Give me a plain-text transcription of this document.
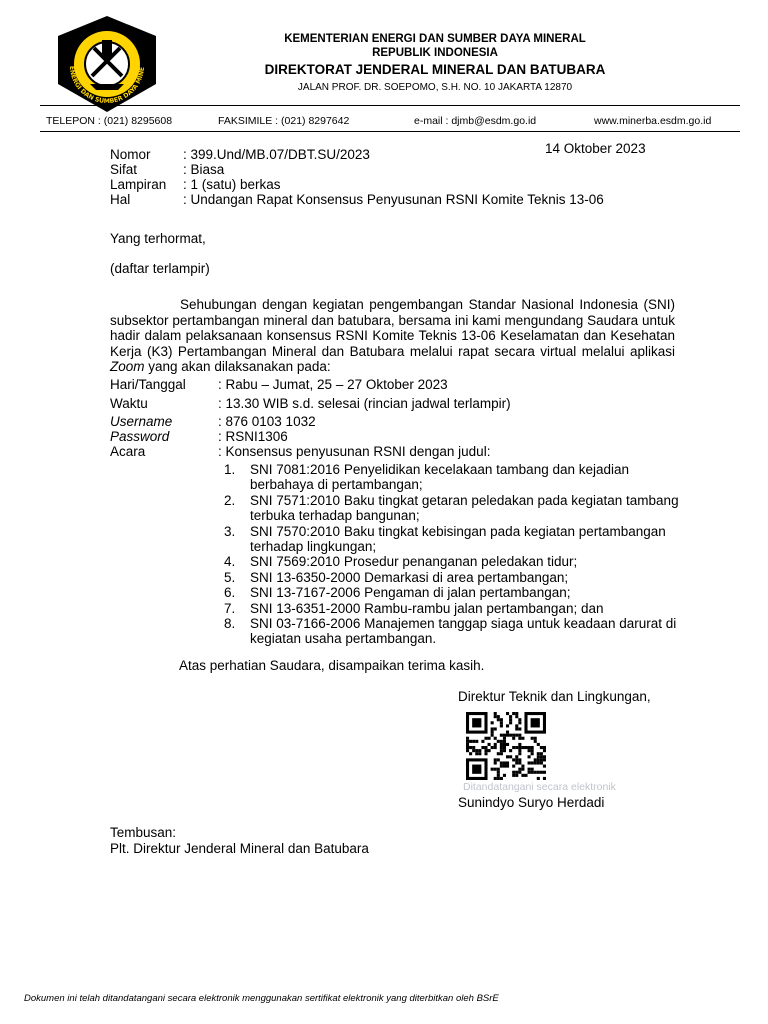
ENERGI DAN SUMBER DAYA MINE
KEMENTERIAN ENERGI DAN SUMBER DAYA MINERAL
REPUBLIK INDONESIA
DIREKTORAT JENDERAL MINERAL DAN BATUBARA
JALAN PROF. DR. SOEPOMO, S.H. NO. 10 JAKARTA 12870
TELEPON : (021) 8295608	FAKSIMILE : (021) 8297642	e-mail : djmb@esdm.go.id	www.minerba.esdm.go.id
14 Oktober 2023
Nomor : 399.Und/MB.07/DBT.SU/2023
Sifat	: Biasa
Lampiran : 1 (satu) berkas
Hal	: Undangan Rapat Konsensus Penyusunan RSNI Komite Teknis 13-06
Yang terhormat,
(daftar terlampir)
Sehubungan dengan kegiatan pengembangan Standar Nasional Indonesia (SNI) subsektor pertambangan mineral dan batubara, bersama ini kami mengundang Saudara untuk hadir dalam pelaksanaan konsensus RSNI Komite Teknis 13-06 Keselamatan dan Kesehatan Kerja (K3) Pertambangan Mineral dan Batubara melalui rapat secara virtual melalui aplikasi Zoom yang akan dilaksanakan pada:
Hari/Tanggal : Rabu – Jumat, 25 – 27 Oktober 2023
Waktu	: 13.30 WIB s.d. selesai (rincian jadwal terlampir)
Username	: 876 0103 1032
Password	: RSNI1306
Acara	: Konsensus penyusunan RSNI dengan judul:
1. SNI 7081:2016 Penyelidikan kecelakaan tambang dan kejadian berbahaya di pertambangan;
2. SNI 7571:2010 Baku tingkat getaran peledakan pada kegiatan tambang terbuka terhadap bangunan;
3. SNI 7570:2010 Baku tingkat kebisingan pada kegiatan pertambangan terhadap lingkungan;
4. SNI 7569:2010 Prosedur penanganan peledakan tidur;
5. SNI 13-6350-2000 Demarkasi di area pertambangan;
6. SNI 13-7167-2006 Pengaman di jalan pertambangan;
7. SNI 13-6351-2000 Rambu-rambu jalan pertambangan; dan
8. SNI 03-7166-2006 Manajemen tanggap siaga untuk keadaan darurat di kegiatan usaha pertambangan.
Atas perhatian Saudara, disampaikan terima kasih.
Direktur Teknik dan Lingkungan,
Ditandatangani secara elektronik
Sunindyo Suryo Herdadi
Tembusan:
Plt. Direktur Jenderal Mineral dan Batubara
Dokumen ini telah ditandatangani secara elektronik menggunakan sertifikat elektronik yang diterbitkan oleh BSrE
